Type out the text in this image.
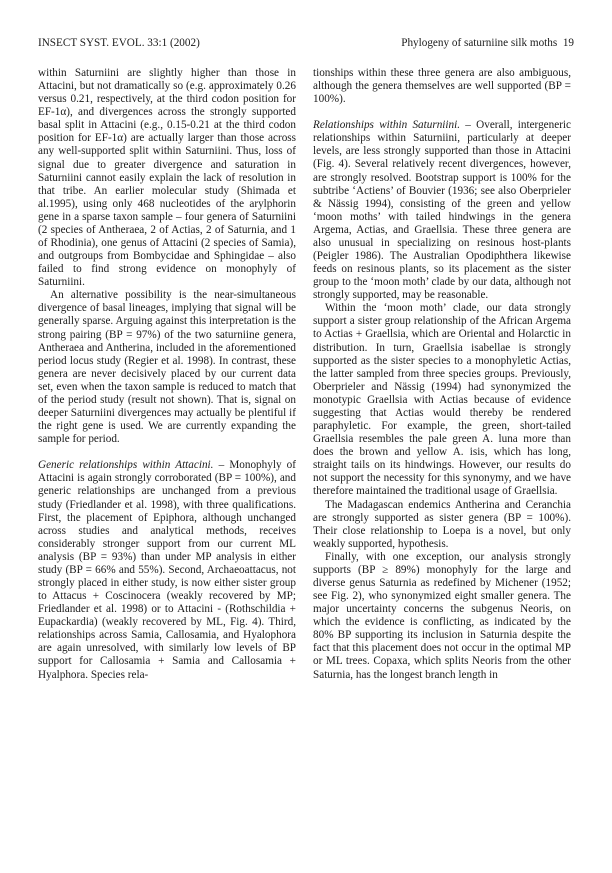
INSECT SYST. EVOL. 33:1 (2002)	Phylogeny of saturniine silk moths 19

within Saturniini are slightly higher than those in Attacini, but not dramatically so (e.g. approximately 0.26 versus 0.21, respectively, at the third codon position for EF-1α), and divergences across the strongly supported basal split in Attacini (e.g., 0.15-0.21 at the third codon position for EF-1α) are actually larger than those across any well-supported split within Saturniini. Thus, loss of signal due to greater divergence and saturation in Saturniini cannot easily explain the lack of resolution in that tribe. An earlier molecular study (Shimada et al.1995), using only 468 nucleotides of the arylphorin gene in a sparse taxon sample – four genera of Saturniini (2 species of Antheraea, 2 of Actias, 2 of Saturnia, and 1 of Rhodinia), one genus of Attacini (2 species of Samia), and outgroups from Bombycidae and Sphingidae – also failed to find strong evidence on monophyly of Saturniini.

An alternative possibility is the near-simultaneous divergence of basal lineages, implying that signal will be generally sparse. Arguing against this interpretation is the strong pairing (BP = 97%) of the two saturniine genera, Antheraea and Antherina, included in the aforementioned period locus study (Regier et al. 1998). In contrast, these genera are never decisively placed by our current data set, even when the taxon sample is reduced to match that of the period study (result not shown). That is, signal on deeper Saturniini divergences may actually be plentiful if the right gene is used. We are currently expanding the sample for period.

Generic relationships within Attacini. – Monophyly of Attacini is again strongly corroborated (BP = 100%), and generic relationships are unchanged from a previous study (Friedlander et al. 1998), with three qualifications. First, the placement of Epiphora, although unchanged across studies and analytical methods, receives considerably stronger support from our current ML analysis (BP = 93%) than under MP analysis in either study (BP = 66% and 55%). Second, Archaeoattacus, not strongly placed in either study, is now either sister group to Attacus + Coscinocera (weakly recovered by MP; Friedlander et al. 1998) or to Attacini - (Rothschildia + Eupackardia) (weakly recovered by ML, Fig. 4). Third, relationships across Samia, Callosamia, and Hyalophora are again unresolved, with similarly low levels of BP support for Callosamia + Samia and Callosamia + Hyalphora. Species rela-

tionships within these three genera are also ambiguous, although the genera themselves are well supported (BP = 100%).

Relationships within Saturniini. – Overall, intergeneric relationships within Saturniini, particularly at deeper levels, are less strongly supported than those in Attacini (Fig. 4). Several relatively recent divergences, however, are strongly resolved. Bootstrap support is 100% for the subtribe ‘Actiens’ of Bouvier (1936; see also Oberprieler & Nässig 1994), consisting of the green and yellow ‘moon moths’ with tailed hindwings in the genera Argema, Actias, and Graellsia. These three genera are also unusual in specializing on resinous host-plants (Peigler 1986). The Australian Opodiphthera likewise feeds on resinous plants, so its placement as the sister group to the ‘moon moth’ clade by our data, although not strongly supported, may be reasonable.

Within the ‘moon moth’ clade, our data strongly support a sister group relationship of the African Argema to Actias + Graellsia, which are Oriental and Holarctic in distribution. In turn, Graellsia isabellae is strongly supported as the sister species to a monophyletic Actias, the latter sampled from three species groups. Previously, Oberprieler and Nässig (1994) had synonymized the monotypic Graellsia with Actias because of evidence suggesting that Actias would thereby be rendered paraphyletic. For example, the green, short-tailed Graellsia resembles the pale green A. luna more than does the brown and yellow A. isis, which has long, straight tails on its hindwings. However, our results do not support the necessity for this synonymy, and we have therefore maintained the traditional usage of Graellsia.

The Madagascan endemics Antherina and Ceranchia are strongly supported as sister genera (BP = 100%). Their close relationship to Loepa is a novel, but only weakly supported, hypothesis.

Finally, with one exception, our analysis strongly supports (BP ≥ 89%) monophyly for the large and diverse genus Saturnia as redefined by Michener (1952; see Fig. 2), who synonymized eight smaller genera. The major uncertainty concerns the subgenus Neoris, on which the evidence is conflicting, as indicated by the 80% BP supporting its inclusion in Saturnia despite the fact that this placement does not occur in the optimal MP or ML trees. Copaxa, which splits Neoris from the other Saturnia, has the longest branch length in
